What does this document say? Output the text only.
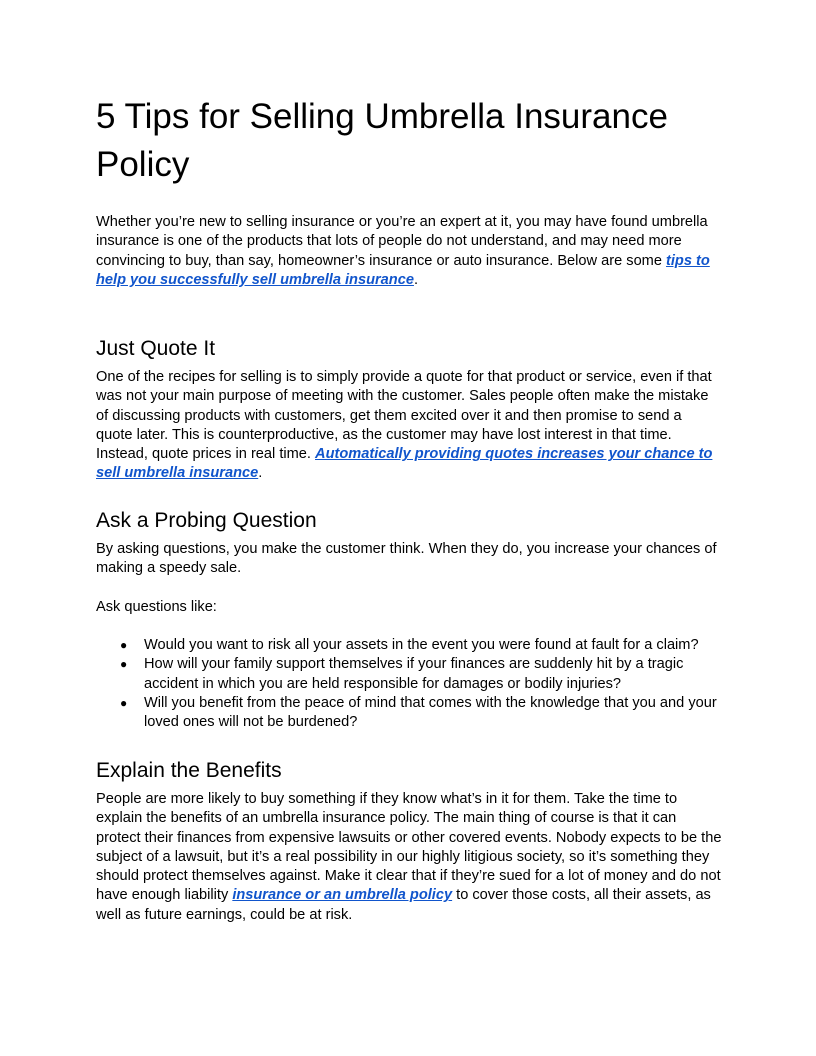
5 Tips for Selling Umbrella Insurance Policy

Whether you’re new to selling insurance or you’re an expert at it, you may have found umbrella insurance is one of the products that lots of people do not understand, and may need more convincing to buy, than say, homeowner’s insurance or auto insurance. Below are some tips to help you successfully sell umbrella insurance.

Just Quote It

One of the recipes for selling is to simply provide a quote for that product or service, even if that was not your main purpose of meeting with the customer. Sales people often make the mistake of discussing products with customers, get them excited over it and then promise to send a quote later. This is counterproductive, as the customer may have lost interest in that time. Instead, quote prices in real time. Automatically providing quotes increases your chance to sell umbrella insurance.

Ask a Probing Question

By asking questions, you make the customer think. When they do, you increase your chances of making a speedy sale.

Ask questions like:

● Would you want to risk all your assets in the event you were found at fault for a claim?
● How will your family support themselves if your finances are suddenly hit by a tragic accident in which you are held responsible for damages or bodily injuries?
● Will you benefit from the peace of mind that comes with the knowledge that you and your loved ones will not be burdened?
Explain the Benefits

People are more likely to buy something if they know what’s in it for them. Take the time to explain the benefits of an umbrella insurance policy. The main thing of course is that it can protect their finances from expensive lawsuits or other covered events. Nobody expects to be the subject of a lawsuit, but it’s a real possibility in our highly litigious society, so it’s something they should protect themselves against. Make it clear that if they’re sued for a lot of money and do not have enough liability insurance or an umbrella policy to cover those costs, all their assets, as well as future earnings, could be at risk.
